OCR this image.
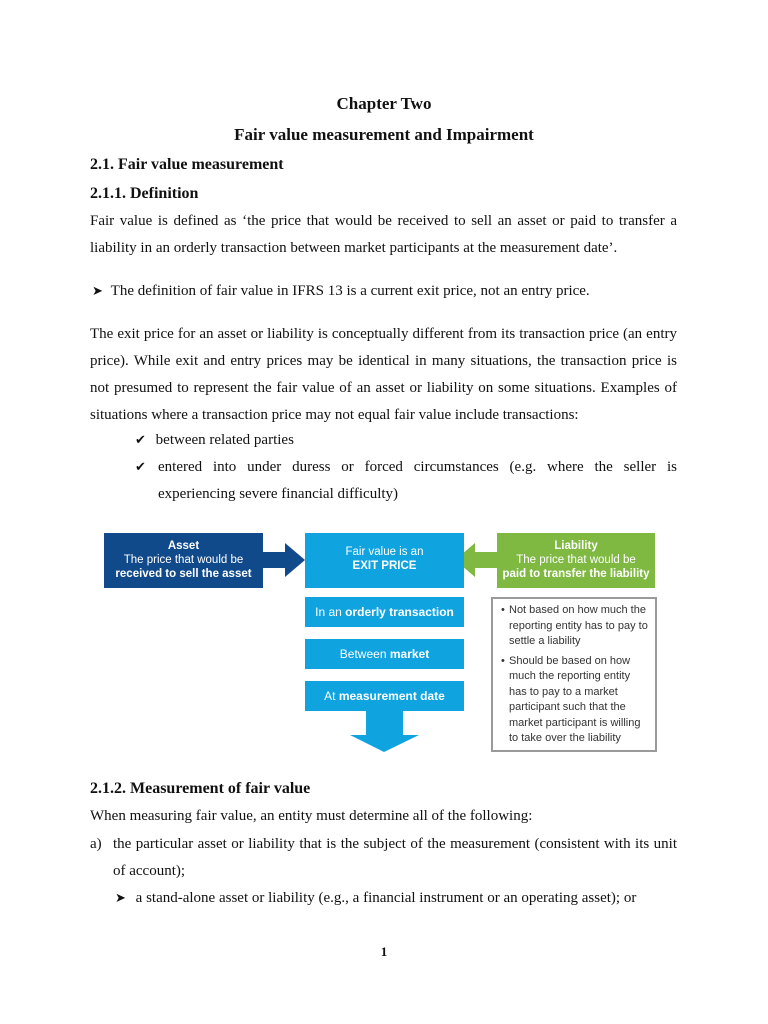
Chapter Two
Fair value measurement and Impairment
2.1. Fair value measurement
2.1.1. Definition
Fair value is defined as ‘the price that would be received to sell an asset or paid to transfer a
liability in an orderly transaction between market participants at the measurement date’.
➤ The definition of fair value in IFRS 13 is a current exit price, not an entry price.
The exit price for an asset or liability is conceptually different from its transaction price (an entry
price). While exit and entry prices may be identical in many situations, the transaction price is
not presumed to represent the fair value of an asset or liability on some situations. Examples of
situations where a transaction price may not equal fair value include transactions:
✔ between related parties
✔ entered into under duress or forced circumstances (e.g. where the seller is
experiencing severe financial difficulty)
Asset
The price that would be
received to sell the asset
Fair value is an
EXIT PRICE
Liability
The price that would be
paid to transfer the liability
In an orderly transaction
Between market
At measurement date
• Not based on how much the reporting entity has to pay to settle a liability
• Should be based on how much the reporting entity has to pay to a market participant such that the market participant is willing to take over the liability
2.1.2. Measurement of fair value
When measuring fair value, an entity must determine all of the following:
a) the particular asset or liability that is the subject of the measurement (consistent with its unit
of account);
➤ a stand-alone asset or liability (e.g., a financial instrument or an operating asset); or
1
